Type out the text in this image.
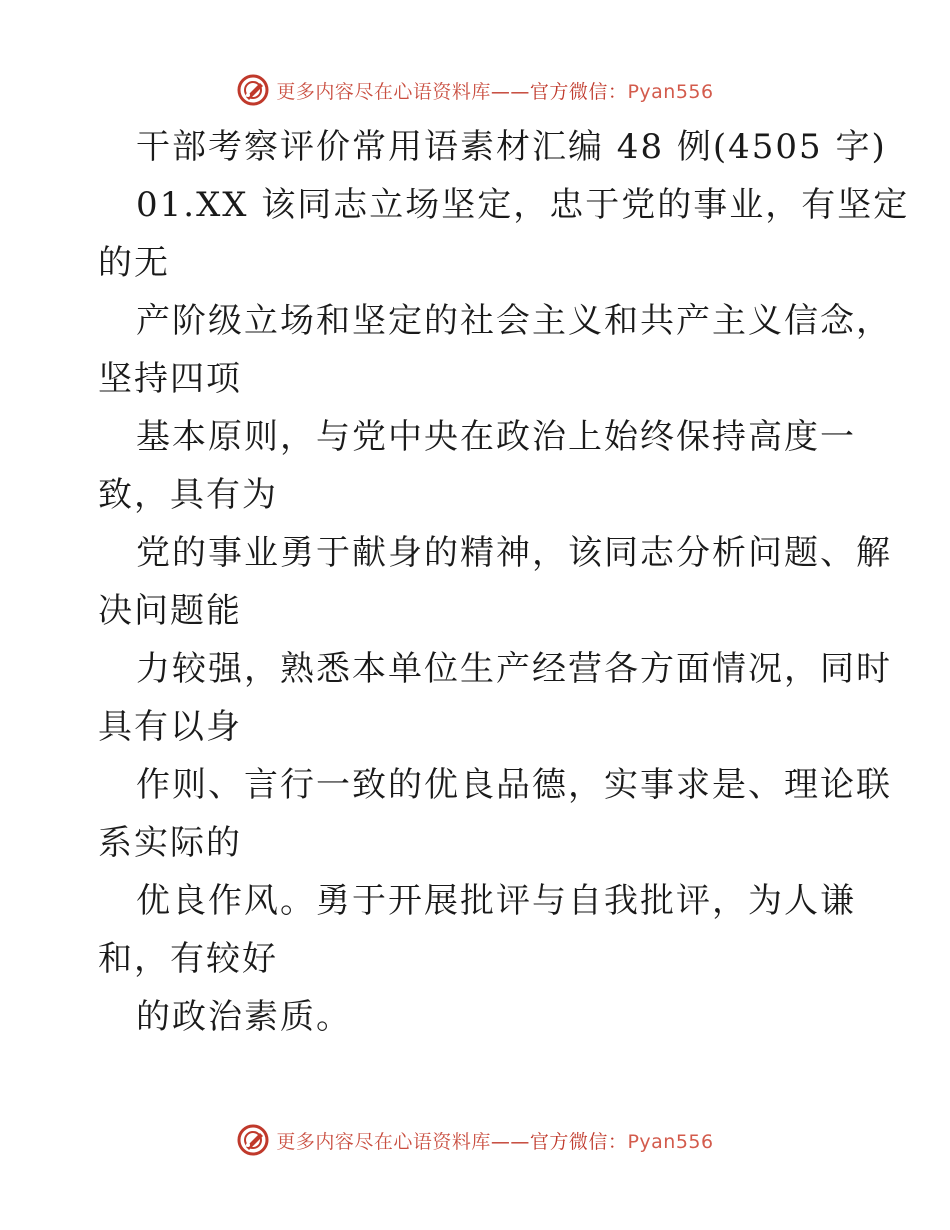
更多内容尽在心语资料库——官方微信：Pyan556
干部考察评价常用语素材汇编 48 例(4505 字)
01.XX 该同志立场坚定，忠于党的事业，有坚定
的无
产阶级立场和坚定的社会主义和共产主义信念，
坚持四项
基本原则，与党中央在政治上始终保持高度一
致，具有为
党的事业勇于献身的精神，该同志分析问题、解
决问题能
力较强，熟悉本单位生产经营各方面情况，同时
具有以身
作则、言行一致的优良品德，实事求是、理论联
系实际的
优良作风。勇于开展批评与自我批评，为人谦
和，有较好
的政治素质。
更多内容尽在心语资料库——官方微信：Pyan556
